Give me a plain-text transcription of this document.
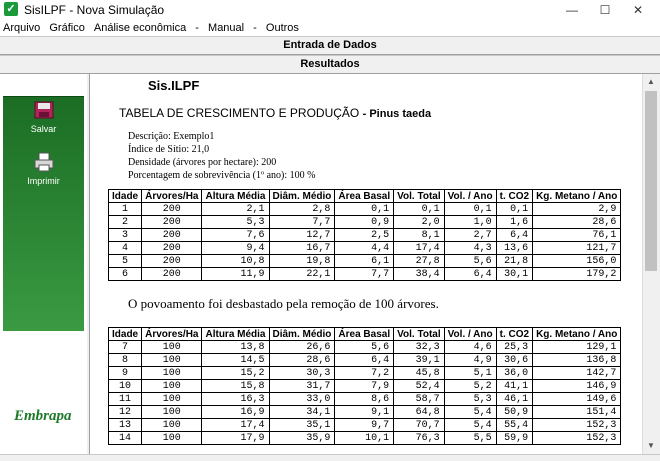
✓ SisILPF - Nova Simulação	—	☐	✕
Arquivo Gráfico Análise econômica - Manual - Outros
Entrada de Dados
Resultados
Salvar
Imprimir
Embrapa
Sis.ILPF
TABELA DE CRESCIMENTO E PRODUÇÃO - Pinus taeda
Descrição: Exemplo1
Índice de Sítio: 21,0
Densidade (árvores por hectare): 200
Porcentagem de sobrevivência (1º ano): 100 %
Idade	Árvores/Ha	Altura Média	Diâm. Médio	Área Basal	Vol. Total	Vol. / Ano	t. CO2	Kg. Metano / Ano
1	200	2,1	2,8	0,1	0,1	0,1	0,1	2,9
2	200	5,3	7,7	0,9	2,0	1,0	1,6	28,6
3	200	7,6	12,7	2,5	8,1	2,7	6,4	76,1
4	200	9,4	16,7	4,4	17,4	4,3	13,6	121,7
5	200	10,8	19,8	6,1	27,8	5,6	21,8	156,0
6	200	11,9	22,1	7,7	38,4	6,4	30,1	179,2
O povoamento foi desbastado pela remoção de 100 árvores.
Idade	Árvores/Ha	Altura Média	Diâm. Médio	Área Basal	Vol. Total	Vol. / Ano	t. CO2	Kg. Metano / Ano
7	100	13,8	26,6	5,6	32,3	4,6	25,3	129,1
8	100	14,5	28,6	6,4	39,1	4,9	30,6	136,8
9	100	15,2	30,3	7,2	45,8	5,1	36,0	142,7
10	100	15,8	31,7	7,9	52,4	5,2	41,1	146,9
11	100	16,3	33,0	8,6	58,7	5,3	46,1	149,6
12	100	16,9	34,1	9,1	64,8	5,4	50,9	151,4
13	100	17,4	35,1	9,7	70,7	5,4	55,4	152,3
14	100	17,9	35,9	10,1	76,3	5,5	59,9	152,3
▲
▼
